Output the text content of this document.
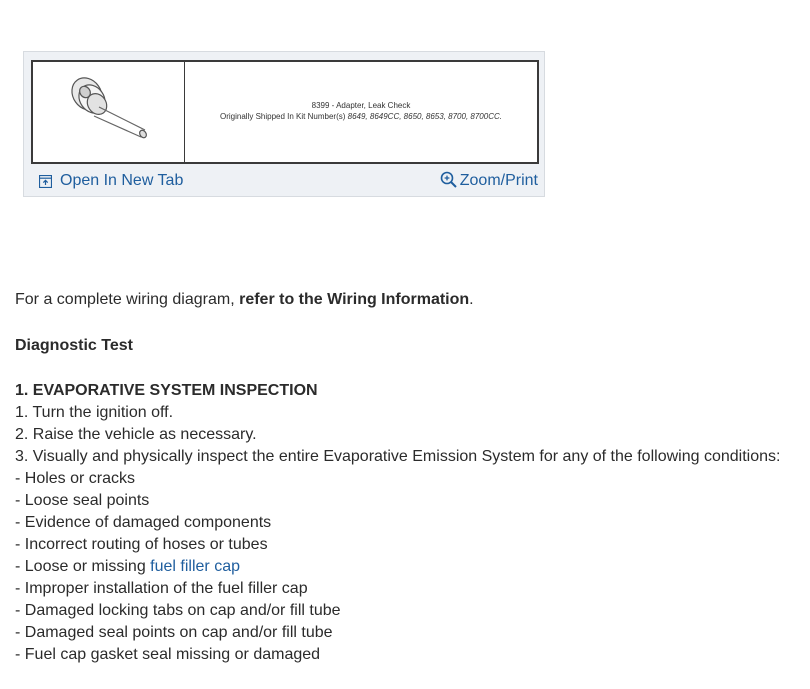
8399 - Adapter, Leak Check
Originally Shipped In Kit Number(s) 8649, 8649CC, 8650, 8653, 8700, 8700CC.
Open In New Tab	Zoom/Print
For a complete wiring diagram, refer to the Wiring Information.
Diagnostic Test
1. EVAPORATIVE SYSTEM INSPECTION
1. Turn the ignition off.
2. Raise the vehicle as necessary.
3. Visually and physically inspect the entire Evaporative Emission System for any of the following conditions:
- Holes or cracks
- Loose seal points
- Evidence of damaged components
- Incorrect routing of hoses or tubes
- Loose or missing fuel filler cap
- Improper installation of the fuel filler cap
- Damaged locking tabs on cap and/or fill tube
- Damaged seal points on cap and/or fill tube
- Fuel cap gasket seal missing or damaged
